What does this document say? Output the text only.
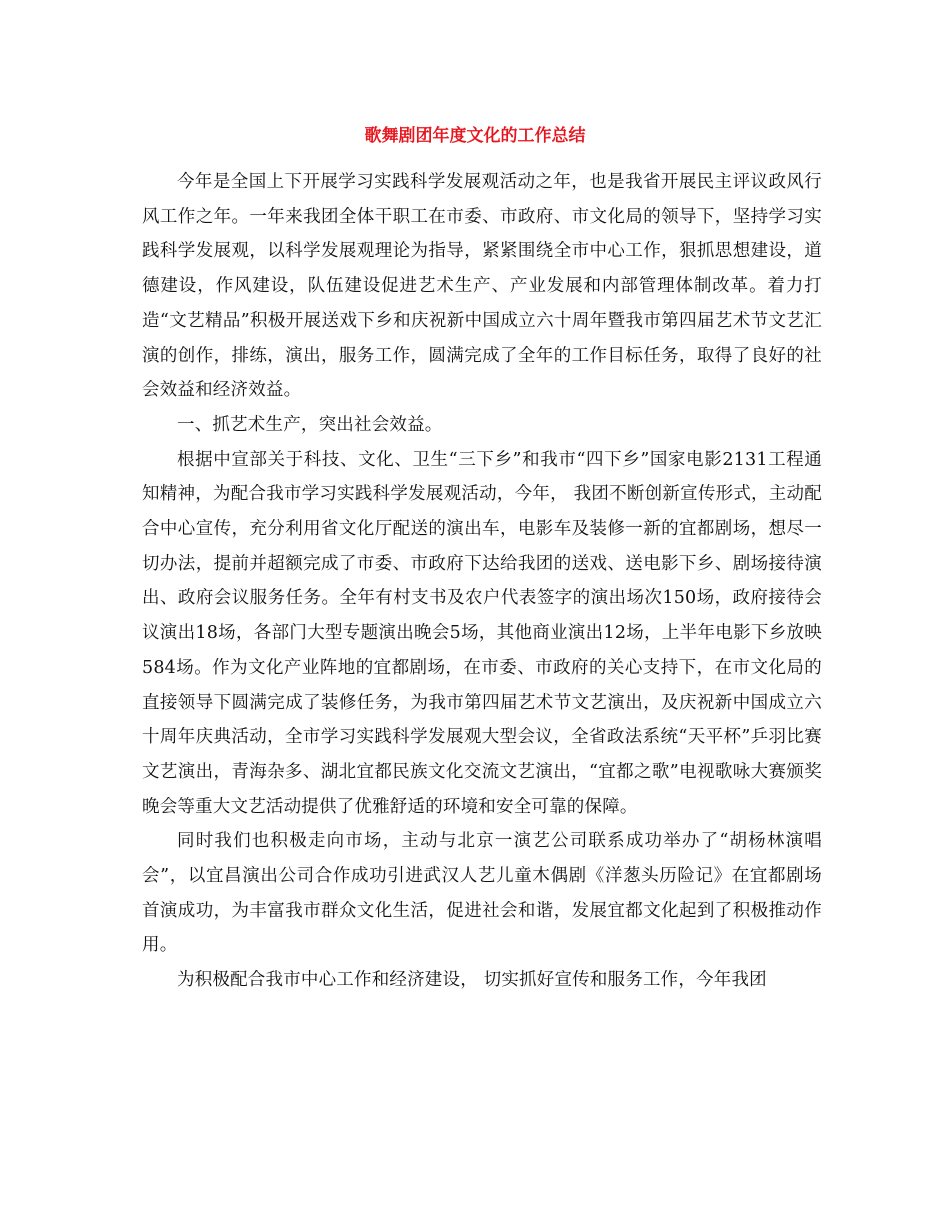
歌舞剧团年度文化的工作总结

今年是全国上下开展学习实践科学发展观活动之年，也是我省开展民主评议政风行风工作之年。一年来我团全体干职工在市委、市政府、市文化局的领导下，坚持学习实践科学发展观，以科学发展观理论为指导，紧紧围绕全市中心工作，狠抓思想建设，道德建设，作风建设，队伍建设促进艺术生产、产业发展和内部管理体制改革。着力打造“文艺精品”积极开展送戏下乡和庆祝新中国成立六十周年暨我市第四届艺术节文艺汇演的创作，排练，演出，服务工作，圆满完成了全年的工作目标任务，取得了良好的社会效益和经济效益。

一、抓艺术生产，突出社会效益。

根据中宣部关于科技、文化、卫生“三下乡”和我市“四下乡”国家电影2131工程通知精神，为配合我市学习实践科学发展观活动，今年， 我团不断创新宣传形式，主动配合中心宣传，充分利用省文化厅配送的演出车，电影车及装修一新的宜都剧场，想尽一切办法，提前并超额完成了市委、市政府下达给我团的送戏、送电影下乡、剧场接待演出、政府会议服务任务。全年有村支书及农户代表签字的演出场次150场，政府接待会议演出18场，各部门大型专题演出晚会5场，其他商业演出12场，上半年电影下乡放映584场。作为文化产业阵地的宜都剧场，在市委、市政府的关心支持下，在市文化局的直接领导下圆满完成了装修任务，为我市第四届艺术节文艺演出，及庆祝新中国成立六十周年庆典活动，全市学习实践科学发展观大型会议，全省政法系统“天平杯”乒羽比赛文艺演出，青海杂多、湖北宜都民族文化交流文艺演出，“宜都之歌”电视歌咏大赛颁奖晚会等重大文艺活动提供了优雅舒适的环境和安全可靠的保障。

同时我们也积极走向市场，主动与北京一演艺公司联系成功举办了“胡杨林演唱会”，以宜昌演出公司合作成功引进武汉人艺儿童木偶剧《洋葱头历险记》在宜都剧场首演成功，为丰富我市群众文化生活，促进社会和谐，发展宜都文化起到了积极推动作用。

为积极配合我市中心工作和经济建设， 切实抓好宣传和服务工作，今年我团
